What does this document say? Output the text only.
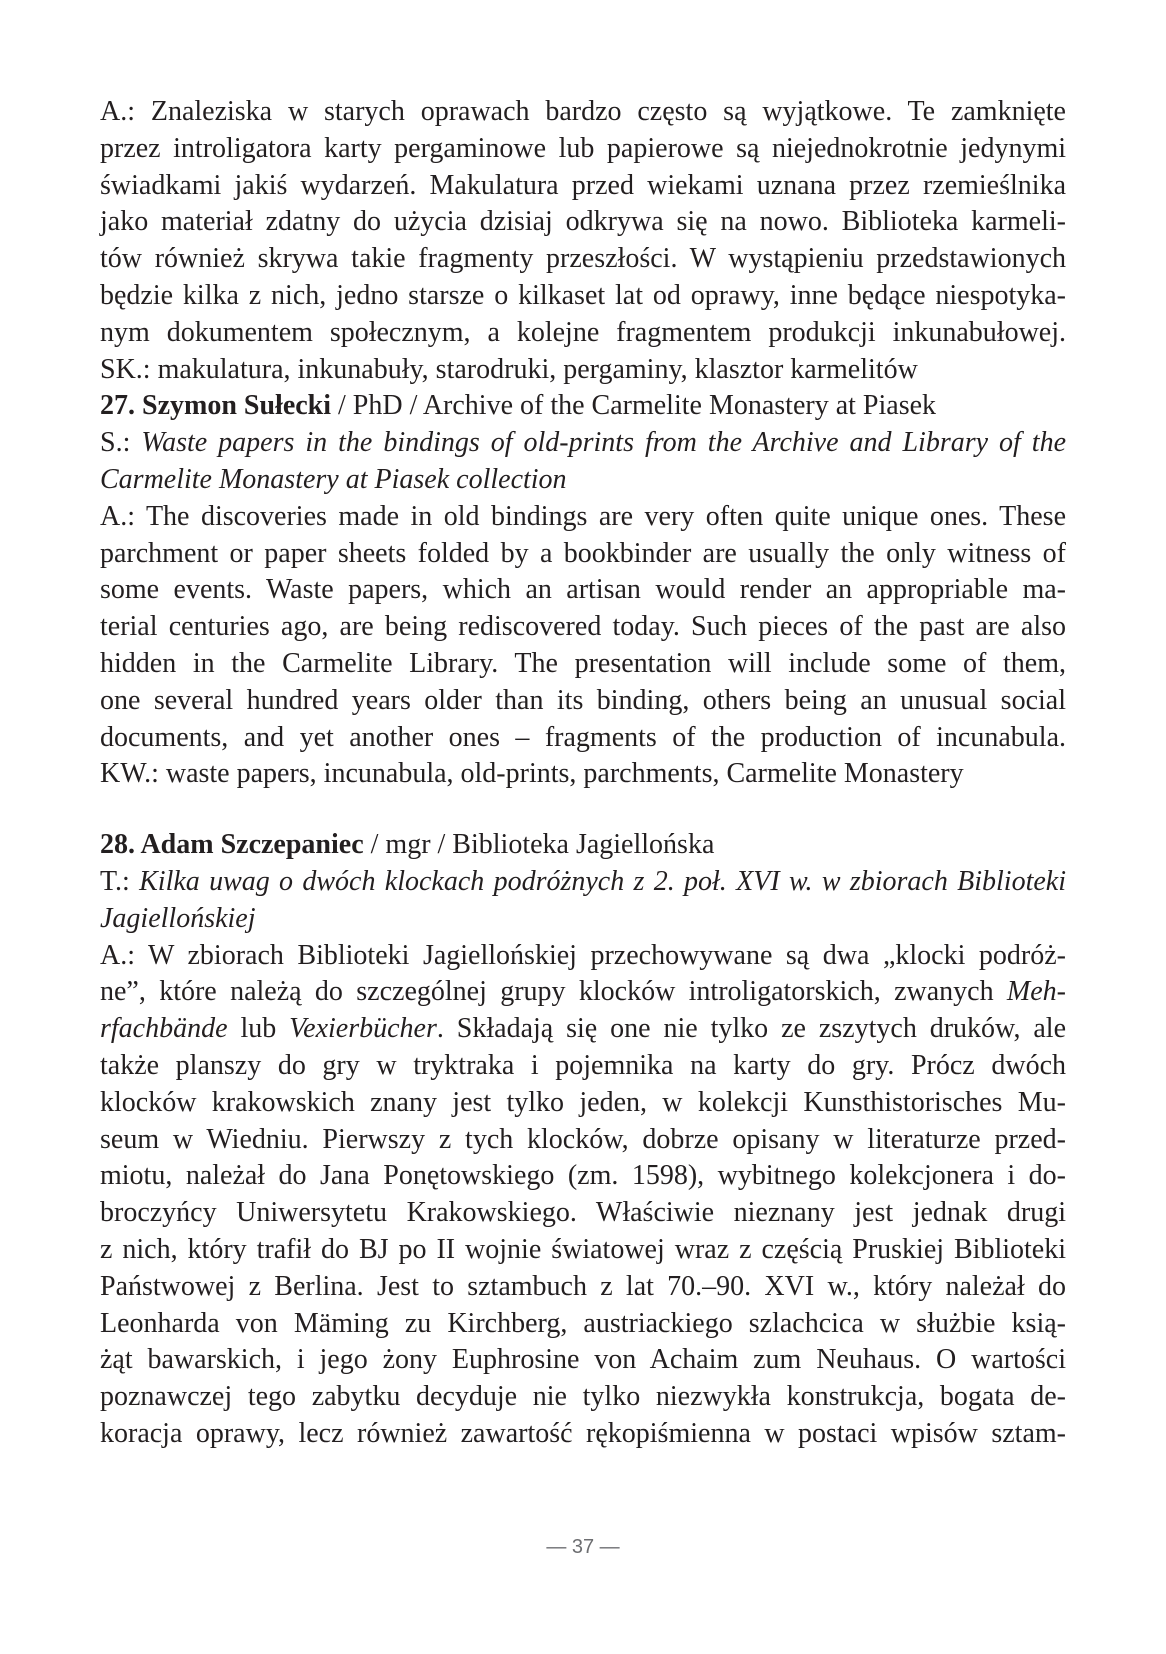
A.: Znaleziska w starych oprawach bardzo często są wyjątkowe. Te zamknięte
przez introligatora karty pergaminowe lub papierowe są niejednokrotnie jedynymi
świadkami jakiś wydarzeń. Makulatura przed wiekami uznana przez rzemieślnika
jako materiał zdatny do użycia dzisiaj odkrywa się na nowo. Biblioteka karmeli-
tów również skrywa takie fragmenty przeszłości. W wystąpieniu przedstawionych
będzie kilka z nich, jedno starsze o kilkaset lat od oprawy, inne będące niespotyka-
nym dokumentem społecznym, a kolejne fragmentem produkcji inkunabułowej.
SK.: makulatura, inkunabuły, starodruki, pergaminy, klasztor karmelitów
27. Szymon Sułecki / PhD / Archive of the Carmelite Monastery at Piasek
S.: Waste papers in the bindings of old-prints from the Archive and Library of the
Carmelite Monastery at Piasek collection
A.: The discoveries made in old bindings are very often quite unique ones. These
parchment or paper sheets folded by a bookbinder are usually the only witness of
some events. Waste papers, which an artisan would render an appropriable ma-
terial centuries ago, are being rediscovered today. Such pieces of the past are also
hidden in the Carmelite Library. The presentation will include some of them,
one several hundred years older than its binding, others being an unusual social
documents, and yet another ones – fragments of the production of incunabula.
KW.: waste papers, incunabula, old-prints, parchments, Carmelite Monastery
28. Adam Szczepaniec / mgr / Biblioteka Jagiellońska
T.: Kilka uwag o dwóch klockach podróżnych z 2. poł. XVI w. w zbiorach Biblioteki
Jagiellońskiej
A.: W zbiorach Biblioteki Jagiellońskiej przechowywane są dwa „klocki podróż-
ne”, które należą do szczególnej grupy klocków introligatorskich, zwanych Meh-
rfachbände lub Vexierbücher. Składają się one nie tylko ze zszytych druków, ale
także planszy do gry w tryktraka i pojemnika na karty do gry. Prócz dwóch
klocków krakowskich znany jest tylko jeden, w kolekcji Kunsthistorisches Mu-
seum w Wiedniu. Pierwszy z tych klocków, dobrze opisany w literaturze przed-
miotu, należał do Jana Ponętowskiego (zm. 1598), wybitnego kolekcjonera i do-
broczyńcy Uniwersytetu Krakowskiego. Właściwie nieznany jest jednak drugi
z nich, który trafił do BJ po II wojnie światowej wraz z częścią Pruskiej Biblioteki
Państwowej z Berlina. Jest to sztambuch z lat 70.–90. XVI w., który należał do
Leonharda von Mäming zu Kirchberg, austriackiego szlachcica w służbie ksią-
żąt bawarskich, i jego żony Euphrosine von Achaim zum Neuhaus. O wartości
poznawczej tego zabytku decyduje nie tylko niezwykła konstrukcja, bogata de-
koracja oprawy, lecz również zawartość rękopiśmienna w postaci wpisów sztam-
— 37 —
